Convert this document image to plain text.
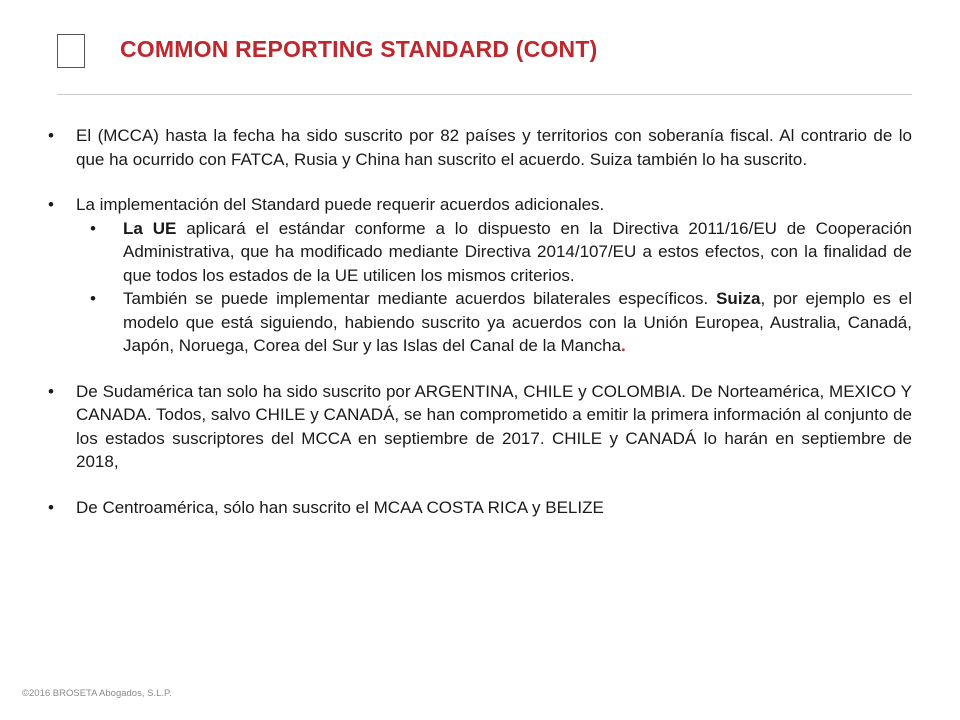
COMMON REPORTING STANDARD (CONT)
• El (MCCA) hasta la fecha ha sido suscrito por 82 países y territorios con soberanía fiscal. Al contrario de lo que ha ocurrido con FATCA, Rusia y China han suscrito el acuerdo. Suiza también lo ha suscrito.
• La implementación del Standard puede requerir acuerdos adicionales.
• La UE aplicará el estándar conforme a lo dispuesto en la Directiva 2011/16/EU de Cooperación Administrativa, que ha modificado mediante Directiva 2014/107/EU a estos efectos, con la finalidad de que todos los estados de la UE utilicen los mismos criterios.
• También se puede implementar mediante acuerdos bilaterales específicos. Suiza, por ejemplo es el modelo que está siguiendo, habiendo suscrito ya acuerdos con la Unión Europea, Australia, Canadá, Japón, Noruega, Corea del Sur y las Islas del Canal de la Mancha.
• De Sudamérica tan solo ha sido suscrito por ARGENTINA, CHILE y COLOMBIA. De Norteamérica, MEXICO Y CANADA. Todos, salvo CHILE y CANADÁ, se han comprometido a emitir la primera información al conjunto de los estados suscriptores del MCCA en septiembre de 2017. CHILE y CANADÁ lo harán en septiembre de 2018,
• De Centroamérica, sólo han suscrito el MCAA COSTA RICA y BELIZE
©2016 BROSETA Abogados, S.L.P.
